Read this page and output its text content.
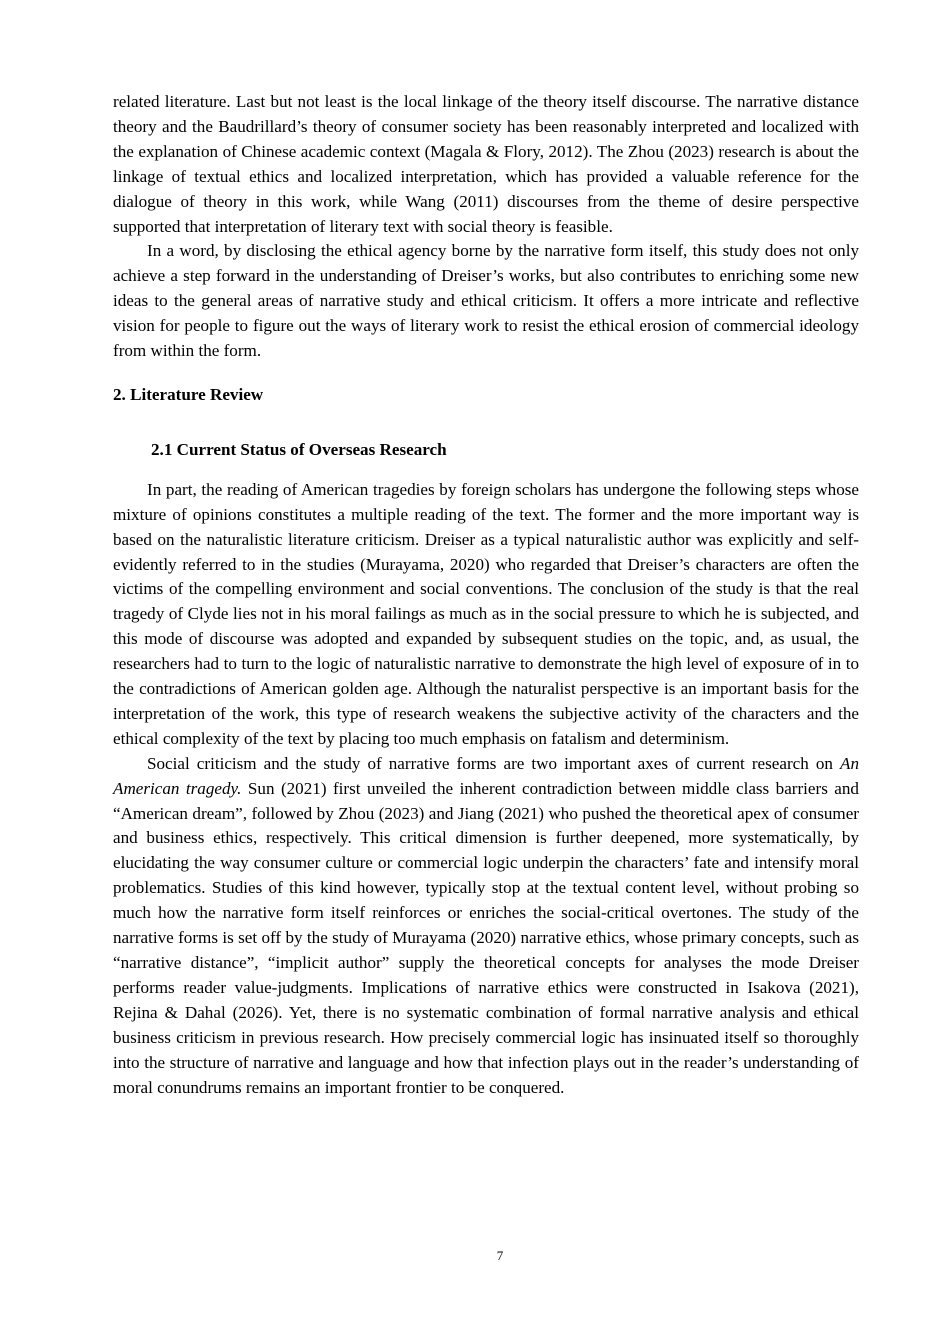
related literature. Last but not least is the local linkage of the theory itself discourse. The narrative distance theory and the Baudrillard’s theory of consumer society has been reasonably interpreted and localized with the explanation of Chinese academic context (Magala & Flory, 2012). The Zhou (2023) research is about the linkage of textual ethics and localized interpretation, which has provided a valuable reference for the dialogue of theory in this work, while Wang (2011) discourses from the theme of desire perspective supported that interpretation of literary text with social theory is feasible.

In a word, by disclosing the ethical agency borne by the narrative form itself, this study does not only achieve a step forward in the understanding of Dreiser’s works, but also contributes to enriching some new ideas to the general areas of narrative study and ethical criticism. It offers a more intricate and reflective vision for people to figure out the ways of literary work to resist the ethical erosion of commercial ideology from within the form.

2. Literature Review
2.1 Current Status of Overseas Research

In part, the reading of American tragedies by foreign scholars has undergone the following steps whose mixture of opinions constitutes a multiple reading of the text. The former and the more important way is based on the naturalistic literature criticism. Dreiser as a typical naturalistic author was explicitly and self-evidently referred to in the studies (Murayama, 2020) who regarded that Dreiser’s characters are often the victims of the compelling environment and social conventions. The conclusion of the study is that the real tragedy of Clyde lies not in his moral failings as much as in the social pressure to which he is subjected, and this mode of discourse was adopted and expanded by subsequent studies on the topic, and, as usual, the researchers had to turn to the logic of naturalistic narrative to demonstrate the high level of exposure of in to the contradictions of American golden age. Although the naturalist perspective is an important basis for the interpretation of the work, this type of research weakens the subjective activity of the characters and the ethical complexity of the text by placing too much emphasis on fatalism and determinism.

Social criticism and the study of narrative forms are two important axes of current research on An American tragedy. Sun (2021) first unveiled the inherent contradiction between middle class barriers and “American dream”, followed by Zhou (2023) and Jiang (2021) who pushed the theoretical apex of consumer and business ethics, respectively. This critical dimension is further deepened, more systematically, by elucidating the way consumer culture or commercial logic underpin the characters’ fate and intensify moral problematics. Studies of this kind however, typically stop at the textual content level, without probing so much how the narrative form itself reinforces or enriches the social-critical overtones. The study of the narrative forms is set off by the study of Murayama (2020) narrative ethics, whose primary concepts, such as “narrative distance”, “implicit author” supply the theoretical concepts for analyses the mode Dreiser performs reader value-judgments. Implications of narrative ethics were constructed in Isakova (2021), Rejina & Dahal (2026). Yet, there is no systematic combination of formal narrative analysis and ethical business criticism in previous research. How precisely commercial logic has insinuated itself so thoroughly into the structure of narrative and language and how that infection plays out in the reader’s understanding of moral conundrums remains an important frontier to be conquered.

7
